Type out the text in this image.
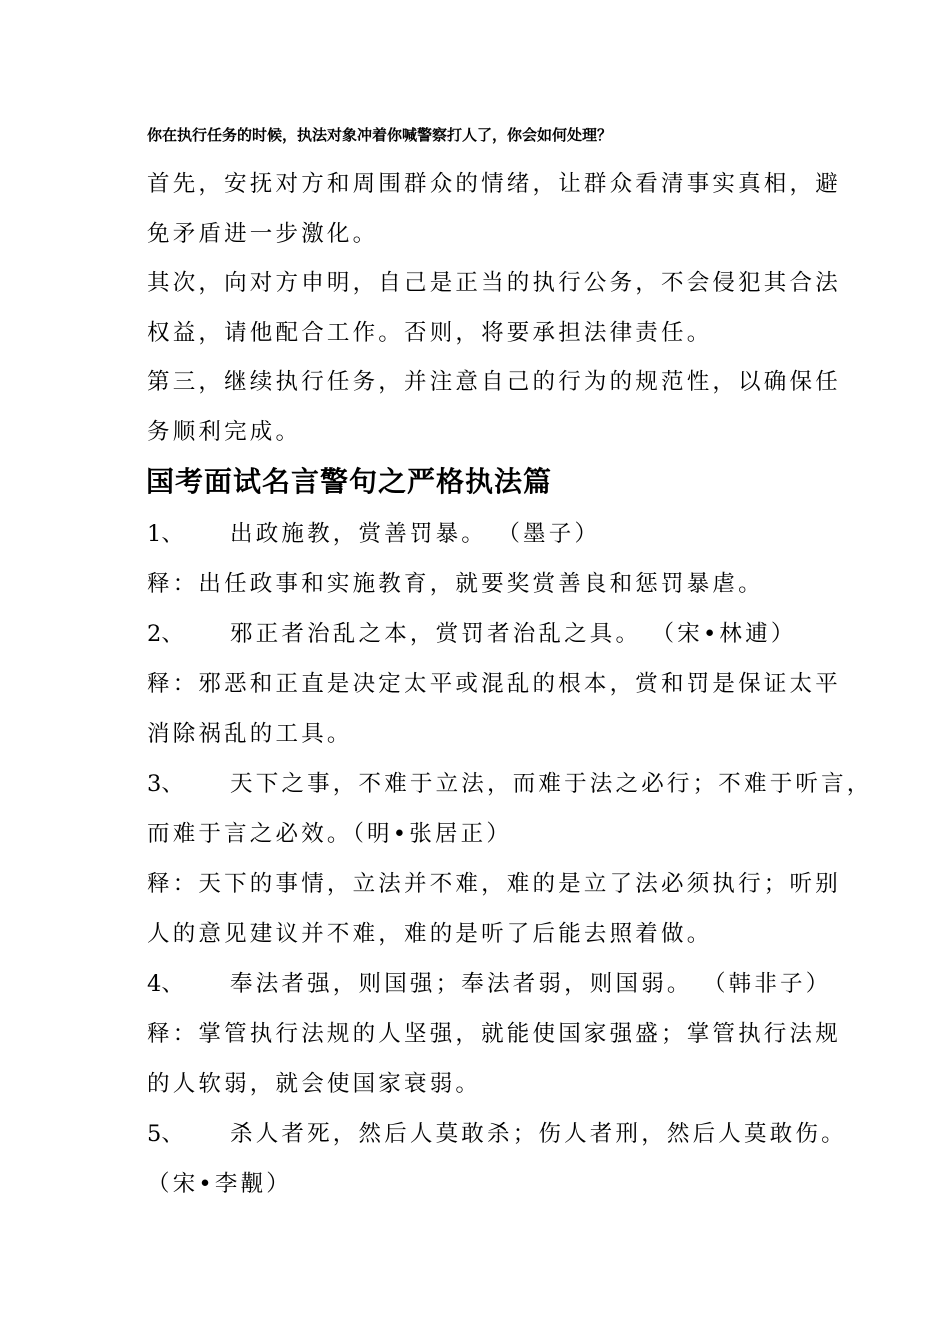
你在执行任务的时候，执法对象冲着你喊警察打人了，你会如何处理？
首先，安抚对方和周围群众的情绪，让群众看清事实真相，避
免矛盾进一步激化。
其次，向对方申明，自己是正当的执行公务，不会侵犯其合法
权益，请他配合工作。否则，将要承担法律责任。
第三，继续执行任务，并注意自己的行为的规范性，以确保任
务顺利完成。
国考面试名言警句之严格执法篇
1、 出政施教，赏善罚暴。 （墨子）
释：出任政事和实施教育，就要奖赏善良和惩罚暴虐。
2、 邪正者治乱之本，赏罚者治乱之具。 （宋•林逋）
释：邪恶和正直是决定太平或混乱的根本，赏和罚是保证太平
消除祸乱的工具。
3、 天下之事，不难于立法，而难于法之必行；不难于听言，
而难于言之必效。（明•张居正）
释：天下的事情，立法并不难，难的是立了法必须执行；听别
人的意见建议并不难，难的是听了后能去照着做。
4、 奉法者强，则国强；奉法者弱，则国弱。 （韩非子）
释：掌管执行法规的人坚强，就能使国家强盛；掌管执行法规
的人软弱，就会使国家衰弱。
5、 杀人者死，然后人莫敢杀；伤人者刑，然后人莫敢伤。
（宋•李觏）
